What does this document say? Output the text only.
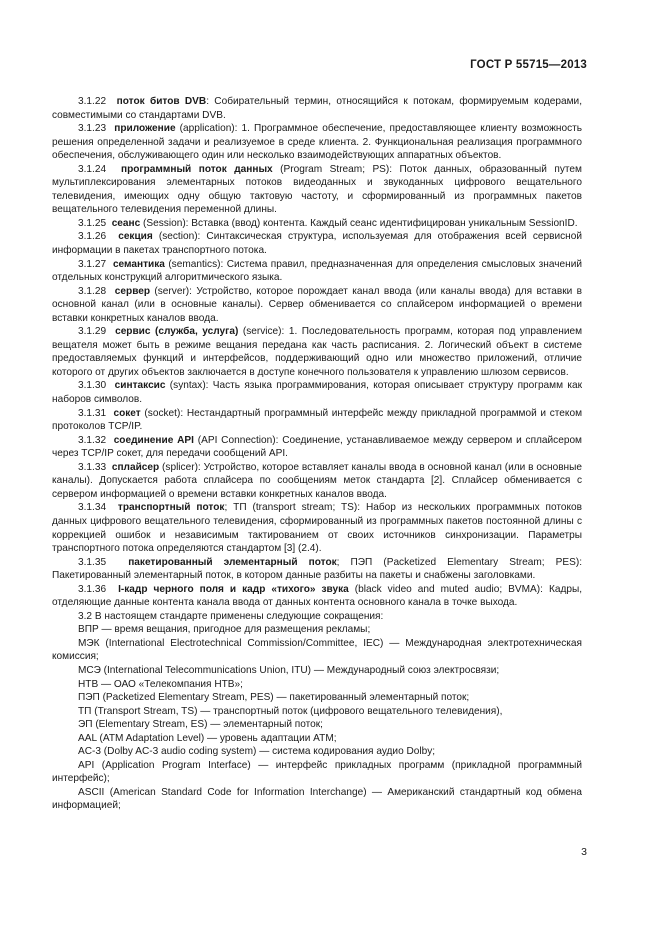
ГОСТ Р 55715—2013

3.1.22 поток битов DVB: Собирательный термин, относящийся к потокам, формируемым кодерами, совместимыми со стандартами DVB.

3.1.23 приложение (application): 1. Программное обеспечение, предоставляющее клиенту возможность решения определенной задачи и реализуемое в среде клиента. 2. Функциональная реализация программного обеспечения, обслуживающего один или несколько взаимодействующих аппаратных объектов.

3.1.24 программный поток данных (Program Stream; PS): Поток данных, образованный путем мультиплексирования элементарных потоков видеоданных и звукоданных цифрового вещательного телевидения, имеющих одну общую тактовую частоту, и сформированный из программных пакетов вещательного телевидения переменной длины.

3.1.25 сеанс (Session): Вставка (ввод) контента. Каждый сеанс идентифицирован уникальным SessionID.

3.1.26 секция (section): Синтаксическая структура, используемая для отображения всей сервисной информации в пакетах транспортного потока.

3.1.27 семантика (semantics): Система правил, предназначенная для определения смысловых значений отдельных конструкций алгоритмического языка.

3.1.28 сервер (server): Устройство, которое порождает канал ввода (или каналы ввода) для вставки в основной канал (или в основные каналы). Сервер обменивается со сплайсером информацией о времени вставки конкретных каналов ввода.

3.1.29 сервис (служба, услуга) (service): 1. Последовательность программ, которая под управлением вещателя может быть в режиме вещания передана как часть расписания. 2. Логический объект в системе предоставляемых функций и интерфейсов, поддерживающий одно или множество приложений, отличие которого от других объектов заключается в доступе конечного пользователя к управлению шлюзом сервисов.

3.1.30 синтаксис (syntax): Часть языка программирования, которая описывает структуру программ как наборов символов.

3.1.31 сокет (socket): Нестандартный программный интерфейс между прикладной программой и стеком протоколов TCP/IP.

3.1.32 соединение API (API Connection): Соединение, устанавливаемое между сервером и сплайсером через TCP/IP сокет, для передачи сообщений API.

3.1.33 сплайсер (splicer): Устройство, которое вставляет каналы ввода в основной канал (или в основные каналы). Допускается работа сплайсера по сообщениям меток стандарта [2]. Сплайсер обменивается с сервером информацией о времени вставки конкретных каналов ввода.

3.1.34 транспортный поток; ТП (transport stream; TS): Набор из нескольких программных потоков данных цифрового вещательного телевидения, сформированный из программных пакетов постоянной длины с коррекцией ошибок и независимым тактированием от своих источников синхронизации. Параметры транспортного потока определяются стандартом [3] (2.4).

3.1.35 пакетированный элементарный поток; ПЭП (Packetized Elementary Stream; PES): Пакетированный элементарный поток, в котором данные разбиты на пакеты и снабжены заголовками.

3.1.36 I-кадр черного поля и кадр «тихого» звука (black video and muted audio; BVMA): Кадры, отделяющие данные контента канала ввода от данных контента основного канала в точке выхода.

3.2 В настоящем стандарте применены следующие сокращения:

ВПР — время вещания, пригодное для размещения рекламы;

МЭК (International Electrotechnical Commission/Committee, IEC) — Международная электротехническая комиссия;

МСЭ (International Telecommunications Union, ITU) — Международный союз электросвязи;

НТВ — ОАО «Телекомпания НТВ»;

ПЭП (Packetized Elementary Stream, PES) — пакетированный элементарный поток;

ТП (Transport Stream, TS) — транспортный поток (цифрового вещательного телевидения),

ЭП (Elementary Stream, ES) — элементарный поток;

AAL (ATM Adaptation Level) — уровень адаптации ATM;

AC-3 (Dolby AC-3 audio coding system) — система кодирования аудио Dolby;

API (Application Program Interface) — интерфейс прикладных программ (прикладной программный интерфейс);

ASCII (American Standard Code for Information Interchange) — Американский стандартный код обмена информацией;

3
